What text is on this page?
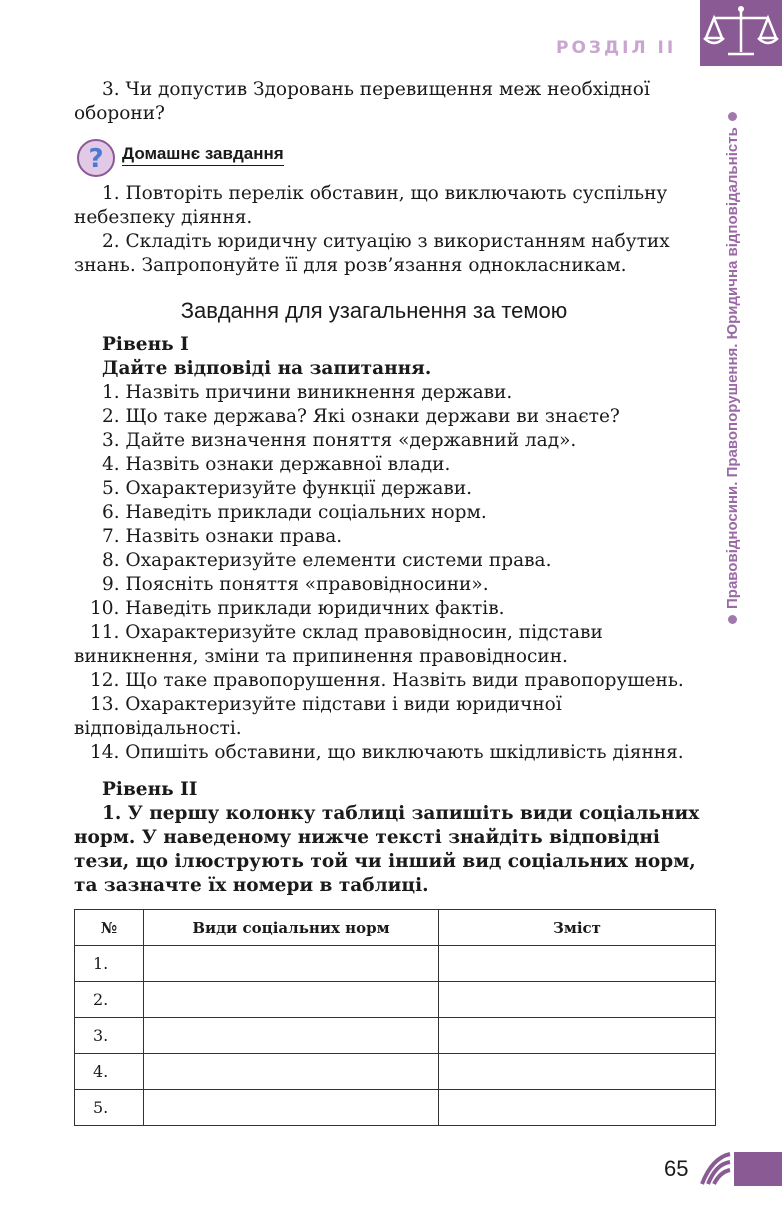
РОЗДІЛ II
Правовідносини. Правопорушення. Юридична відповідальність

3. Чи допустив Здоровань перевищення меж необхідної оборони?

? Домашнє завдання

1. Повторіть перелік обставин, що виключають суспільну небезпеку діяння.

2. Складіть юридичну ситуацію з використанням набутих знань. Запропонуйте її для розв’язання однокласникам.

Завдання для узагальнення за темою

Рівень І

Дайте відповіді на запитання.

1. Назвіть причини виникнення держави.

2. Що таке держава? Які ознаки держави ви знаєте?

3. Дайте визначення поняття «державний лад».

4. Назвіть ознаки державної влади.

5. Охарактеризуйте функції держави.

6. Наведіть приклади соціальних норм.

7. Назвіть ознаки права.

8. Охарактеризуйте елементи системи права.

9. Поясніть поняття «правовідносини».

10. Наведіть приклади юридичних фактів.

11. Охарактеризуйте склад правовідносин, підстави виникнення, зміни та припинення правовідносин.

12. Що таке правопорушення. Назвіть види правопорушень.

13. Охарактеризуйте підстави і види юридичної відповідальності.

14. Опишіть обставини, що виключають шкідливість діяння.

Рівень ІІ

1. У першу колонку таблиці запишіть види соціальних норм. У наведеному нижче тексті знайдіть відповідні тези, що ілюструють той чи інший вид соціальних норм, та зазначте їх номери в таблиці.

№	Види соціальних норм	Зміст
1.		
2.		
3.		
4.		
5.		
65
